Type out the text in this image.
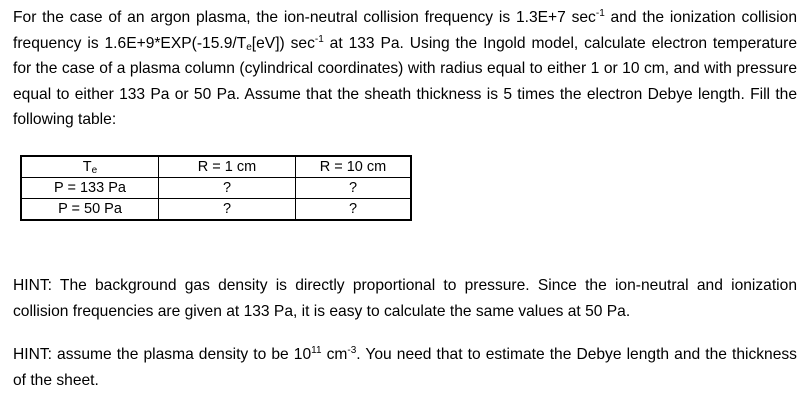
For the case of an argon plasma, the ion-neutral collision frequency is 1.3E+7 $\sec^{-1}$ and the ionization collision frequency is $1.6E+9*EXP(-15.9/T_e[eV])$ $\sec^{-1}$ at 133 Pa. Using the Ingold model, calculate electron temperature for the case of a plasma column (cylindrical coordinates) with radius equal to either 1 or 10 cm, and with pressure equal to either 133 Pa or 50 Pa. Assume that the sheath thickness is 5 times the electron Debye length. Fill the following table:

$T_e$	R = 1 cm	R = 10 cm
P = 133 Pa	?	?
P = 50 Pa	?	?

HINT: The background gas density is directly proportional to pressure. Since the ion-neutral and ionization collision frequencies are given at 133 Pa, it is easy to calculate the same values at 50 Pa.

HINT: assume the plasma density to be $10^{11}$ $cm^{-3}$. You need that to estimate the Debye length and the thickness of the sheet.
